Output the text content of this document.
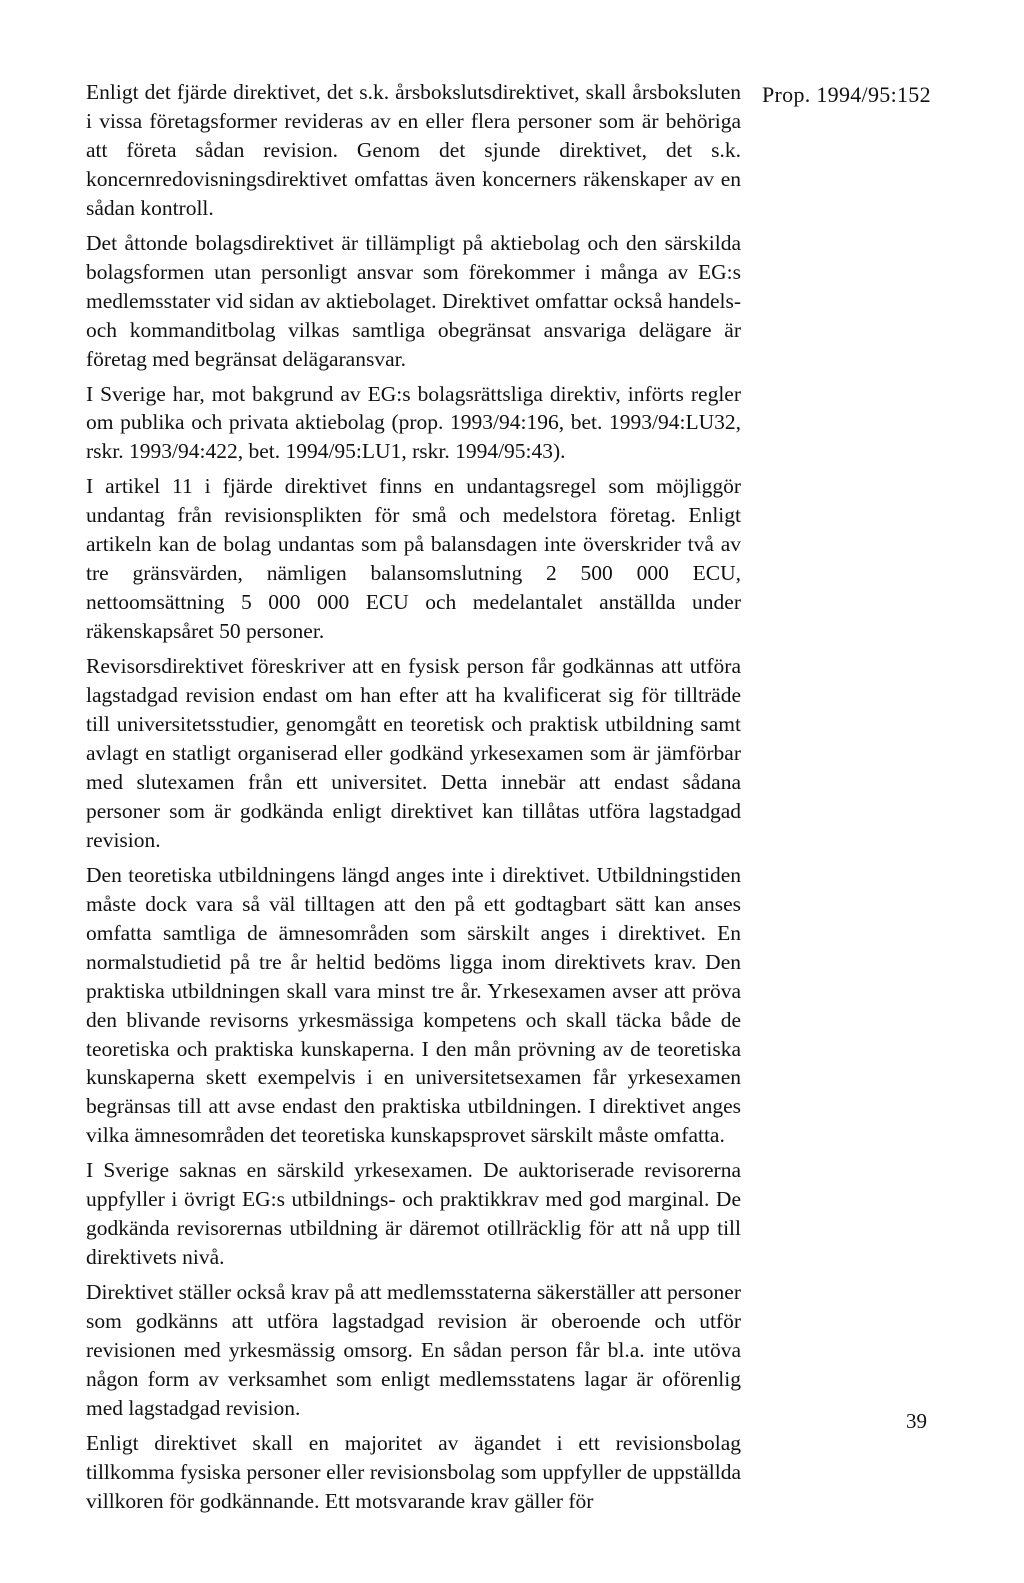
Prop. 1994/95:152

Enligt det fjärde direktivet, det s.k. årsbokslutsdirektivet, skall årsboksluten i vissa företagsformer revideras av en eller flera personer som är behöriga att företa sådan revision. Genom det sjunde direktivet, det s.k. koncernredovisningsdirektivet omfattas även koncerners räkenskaper av en sådan kontroll.

Det åttonde bolagsdirektivet är tillämpligt på aktiebolag och den särskilda bolagsformen utan personligt ansvar som förekommer i många av EG:s medlemsstater vid sidan av aktiebolaget. Direktivet omfattar också handels- och kommanditbolag vilkas samtliga obegränsat ansvariga delägare är företag med begränsat delägaransvar.

I Sverige har, mot bakgrund av EG:s bolagsrättsliga direktiv, införts regler om publika och privata aktiebolag (prop. 1993/94:196, bet. 1993/94:LU32, rskr. 1993/94:422, bet. 1994/95:LU1, rskr. 1994/95:43).

I artikel 11 i fjärde direktivet finns en undantagsregel som möjliggör undantag från revisionsplikten för små och medelstora företag. Enligt artikeln kan de bolag undantas som på balansdagen inte överskrider två av tre gränsvärden, nämligen balansomslutning 2 500 000 ECU, nettoomsättning 5 000 000 ECU och medelantalet anställda under räkenskapsåret 50 personer.

Revisorsdirektivet föreskriver att en fysisk person får godkännas att utföra lagstadgad revision endast om han efter att ha kvalificerat sig för tillträde till universitetsstudier, genomgått en teoretisk och praktisk utbildning samt avlagt en statligt organiserad eller godkänd yrkesexamen som är jämförbar med slutexamen från ett universitet. Detta innebär att endast sådana personer som är godkända enligt direktivet kan tillåtas utföra lagstadgad revision.

Den teoretiska utbildningens längd anges inte i direktivet. Utbildningstiden måste dock vara så väl tilltagen att den på ett godtagbart sätt kan anses omfatta samtliga de ämnesområden som särskilt anges i direktivet. En normalstudietid på tre år heltid bedöms ligga inom direktivets krav. Den praktiska utbildningen skall vara minst tre år. Yrkesexamen avser att pröva den blivande revisorns yrkesmässiga kompetens och skall täcka både de teoretiska och praktiska kunskaperna. I den mån prövning av de teoretiska kunskaperna skett exempelvis i en universitetsexamen får yrkesexamen begränsas till att avse endast den praktiska utbildningen. I direktivet anges vilka ämnesområden det teoretiska kunskapsprovet särskilt måste omfatta.

I Sverige saknas en särskild yrkesexamen. De auktoriserade revisorerna uppfyller i övrigt EG:s utbildnings- och praktikkrav med god marginal. De godkända revisorernas utbildning är däremot otillräcklig för att nå upp till direktivets nivå.

Direktivet ställer också krav på att medlemsstaterna säkerställer att personer som godkänns att utföra lagstadgad revision är oberoende och utför revisionen med yrkesmässig omsorg. En sådan person får bl.a. inte utöva någon form av verksamhet som enligt medlemsstatens lagar är oförenlig med lagstadgad revision.

Enligt direktivet skall en majoritet av ägandet i ett revisionsbolag tillkomma fysiska personer eller revisionsbolag som uppfyller de uppställda villkoren för godkännande. Ett motsvarande krav gäller för

39
